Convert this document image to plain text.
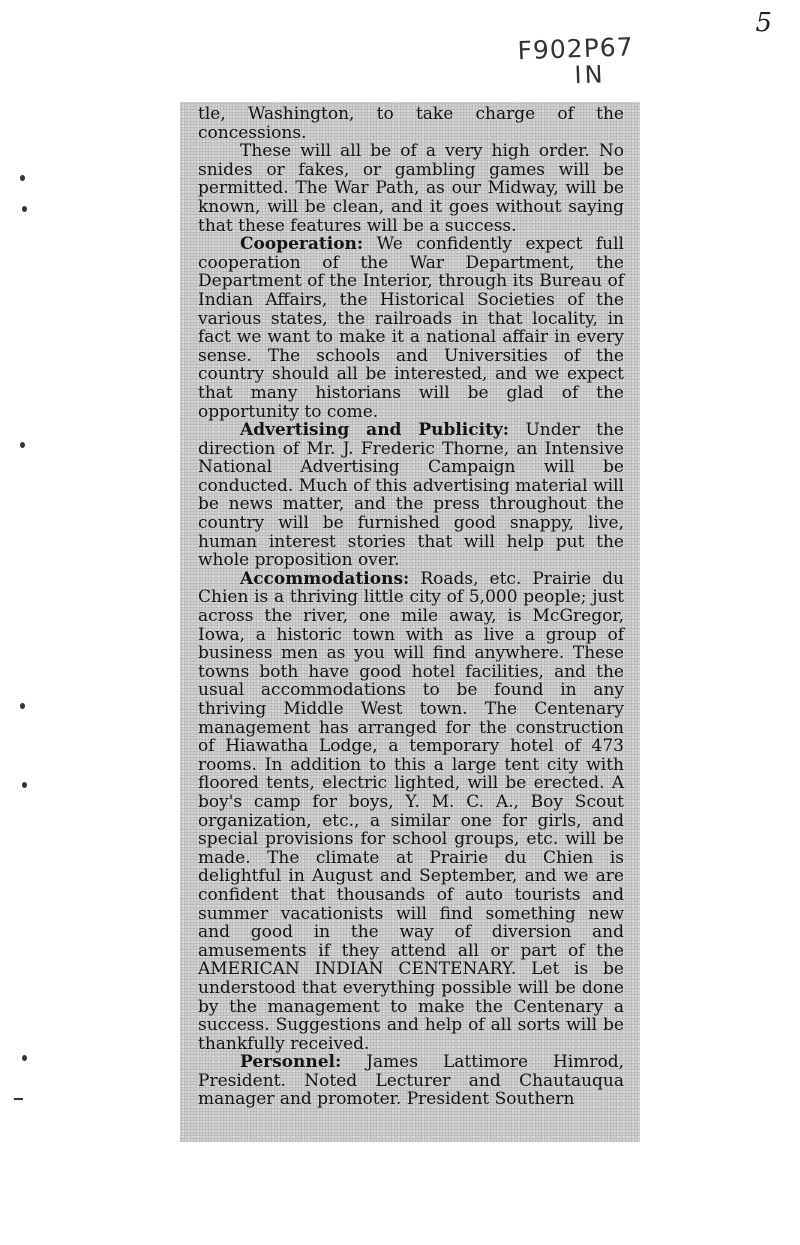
5
F902P67
IN

tle, Washington, to take charge of the concessions.

These will all be of a very high order. No snides or fakes, or gambling games will be permitted. The War Path, as our Midway, will be known, will be clean, and it goes without saying that these features will be a success.

Cooperation: We confidently expect full cooperation of the War Department, the Department of the Interior, through its Bureau of Indian Affairs, the Historical Societies of the various states, the railroads in that locality, in fact we want to make it a national affair in every sense. The schools and Universities of the country should all be interested, and we expect that many historians will be glad of the opportunity to come.

Advertising and Publicity: Under the direction of Mr. J. Frederic Thorne, an Intensive National Advertising Campaign will be conducted. Much of this advertising material will be news matter, and the press throughout the country will be furnished good snappy, live, human interest stories that will help put the whole proposition over.

Accommodations: Roads, etc. Prairie du Chien is a thriving little city of 5,000 people; just across the river, one mile away, is McGregor, Iowa, a historic town with as live a group of business men as you will find anywhere. These towns both have good hotel facilities, and the usual accommodations to be found in any thriving Middle West town. The Centenary management has arranged for the construction of Hiawatha Lodge, a temporary hotel of 473 rooms. In addition to this a large tent city with floored tents, electric lighted, will be erected. A boy's camp for boys, Y. M. C. A., Boy Scout organization, etc., a similar one for girls, and special provisions for school groups, etc. will be made. The climate at Prairie du Chien is delightful in August and September, and we are confident that thousands of auto tourists and summer vacationists will find something new and good in the way of diversion and amusements if they attend all or part of the AMERICAN INDIAN CENTENARY. Let is be understood that everything possible will be done by the management to make the Centenary a success. Suggestions and help of all sorts will be thankfully received.

Personnel: James Lattimore Himrod, President. Noted Lecturer and Chautauqua manager and promoter. President Southern
